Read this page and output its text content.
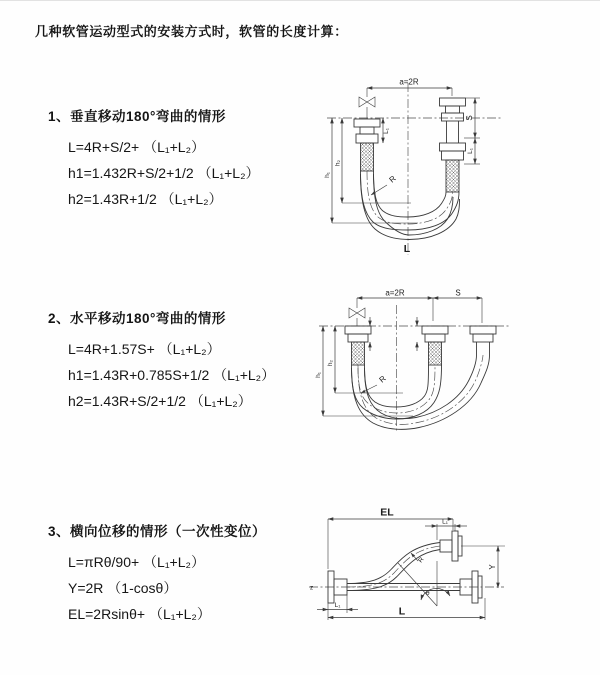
几种软管运动型式的安装方式时，软管的长度计算：

1、垂直移动180°弯曲的情形

L=4R+S/2+ （L₁+L₂）

h1=1.432R+S/2+1/2 （L₁+L₂）

h2=1.43R+1/2 （L₁+L₂）

a=2R
S
L₁
h₁
h₂
L₁
R
L

2、水平移动180°弯曲的情形

L=4R+1.57S+ （L₁+L₂）

h1=1.43R+0.785S+1/2 （L₁+L₂）

h2=1.43R+S/2+1/2 （L₁+L₂）

a=2R	S
h₁
h₂
R

3、横向位移的情形（一次性变位）

L=πRθ/90+ （L₁+L₂）

Y=2R （1-cosθ）

EL=2Rsinθ+ （L₁+L₂）

EL
L₁
R
θ
Y
L₁	L
z
